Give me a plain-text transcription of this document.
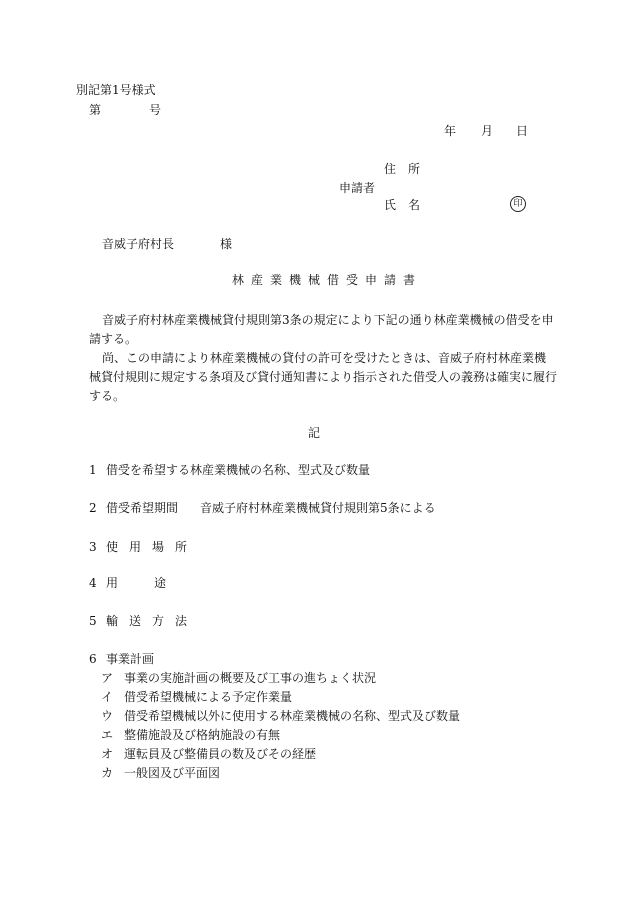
別記第1号様式
第	号
年 月 日
住　所
申請者
氏　名	印
音威子府村長	様
林産業機械借受申請書
音威子府村林産業機械貸付規則第3条の規定により下記の通り林産業機械の借受を申請する。
尚、この申請により林産業機械の貸付の許可を受けたときは、音威子府村林産業機械貸付規則に規定する条項及び貸付通知書により指示された借受人の義務は確実に履行する。
記
1 借受を希望する林産業機械の名称、型式及び数量
2 借受希望期間 音威子府村林産業機械貸付規則第5条による
3 使用場所
4 用途
5 輸送方法
6 事業計画
ア 事業の実施計画の概要及び工事の進ちょく状況
イ 借受希望機械による予定作業量
ウ 借受希望機械以外に使用する林産業機械の名称、型式及び数量
エ 整備施設及び格納施設の有無
オ 運転員及び整備員の数及びその経歴
カ 一般図及び平面図
